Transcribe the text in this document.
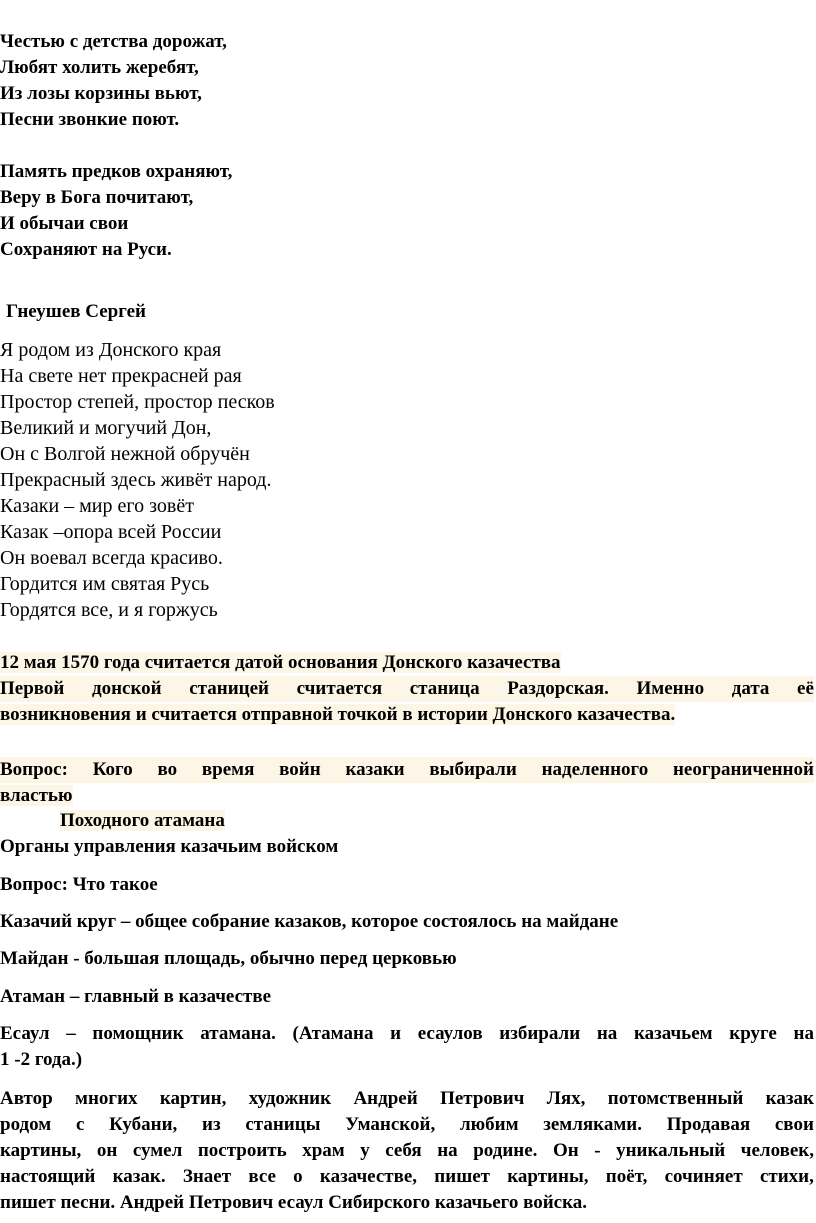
Честью с детства дорожат,
Любят холить жеребят,
Из лозы корзины вьют,
Песни звонкие поют.
Память предков охраняют,
Веру в Бога почитают,
И обычаи свои
Сохраняют на Руси.
Гнеушев Сергей
Я родом из Донского края
На свете нет прекрасней рая
Простор степей, простор песков
Великий и могучий Дон,
Он с Волгой нежной обручён
Прекрасный здесь живёт народ.
Казаки – мир его зовёт
Казак –опора всей России
Он воевал всегда красиво.
Гордится им святая Русь
Гордятся все, и я горжусь
12 мая 1570 года считается датой основания Донского казачества
Первой донской станицей считается станица Раздорская. Именно дата её
возникновения и считается отправной точкой в истории Донского казачества.
Вопрос: Кого во время войн казаки выбирали наделенного неограниченной
властью
Походного атамана
Органы управления казачьим войском
Вопрос: Что такое
Казачий круг – общее собрание казаков, которое состоялось на майдане
Майдан - большая площадь, обычно перед церковью
Атаман – главный в казачестве
Есаул – помощник атамана. (Атамана и есаулов избирали на казачьем круге на
1 -2 года.)
Автор многих картин, художник Андрей Петрович Лях, потомственный казак
родом с Кубани, из станицы Уманской, любим земляками. Продавая свои
картины, он сумел построить храм у себя на родине. Он - уникальный человек,
настоящий казак. Знает все о казачестве, пишет картины, поёт, сочиняет стихи,
пишет песни. Андрей Петрович есаул Сибирского казачьего войска.
